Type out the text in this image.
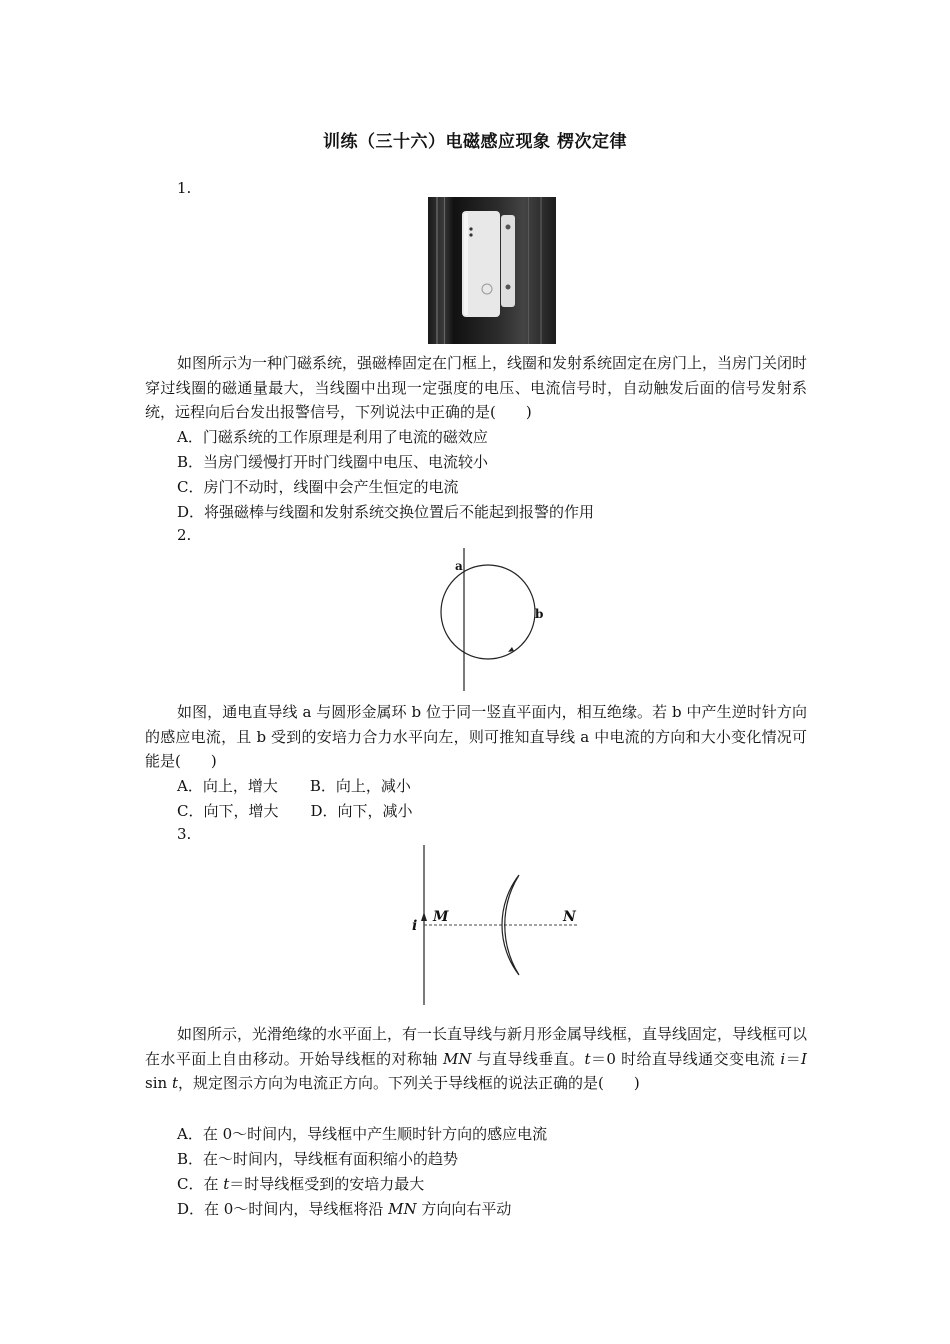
训练（三十六）电磁感应现象 楞次定律
1.
如图所示为一种门磁系统，强磁棒固定在门框上，线圈和发射系统固定在房门上，当房门关闭时穿过线圈的磁通量最大，当线圈中出现一定强度的电压、电流信号时，自动触发后面的信号发射系统，远程向后台发出报警信号，下列说法中正确的是(　　)
A．门磁系统的工作原理是利用了电流的磁效应
B．当房门缓慢打开时门线圈中电压、电流较小
C．房门不动时，线圈中会产生恒定的电流
D．将强磁棒与线圈和发射系统交换位置后不能起到报警的作用
2.
a
b
如图，通电直导线 a 与圆形金属环 b 位于同一竖直平面内，相互绝缘。若 b 中产生逆时针方向的感应电流，且 b 受到的安培力合力水平向左，则可推知直导线 a 中电流的方向和大小变化情况可能是(　　)
A．向上，增大 B．向上，减小
C．向下，增大 D．向下，减小
3.
i
M	N
如图所示，光滑绝缘的水平面上，有一长直导线与新月形金属导线框，直导线固定，导线框可以在水平面上自由移动。开始导线框的对称轴 MN 与直导线垂直。t＝0 时给直导线通交变电流 i＝I sin t，规定图示方向为电流正方向。下列关于导线框的说法正确的是(　　)
A．在 0～时间内，导线框中产生顺时针方向的感应电流
B．在～时间内，导线框有面积缩小的趋势
C．在 t＝时导线框受到的安培力最大
D．在 0～时间内，导线框将沿 MN 方向向右平动
